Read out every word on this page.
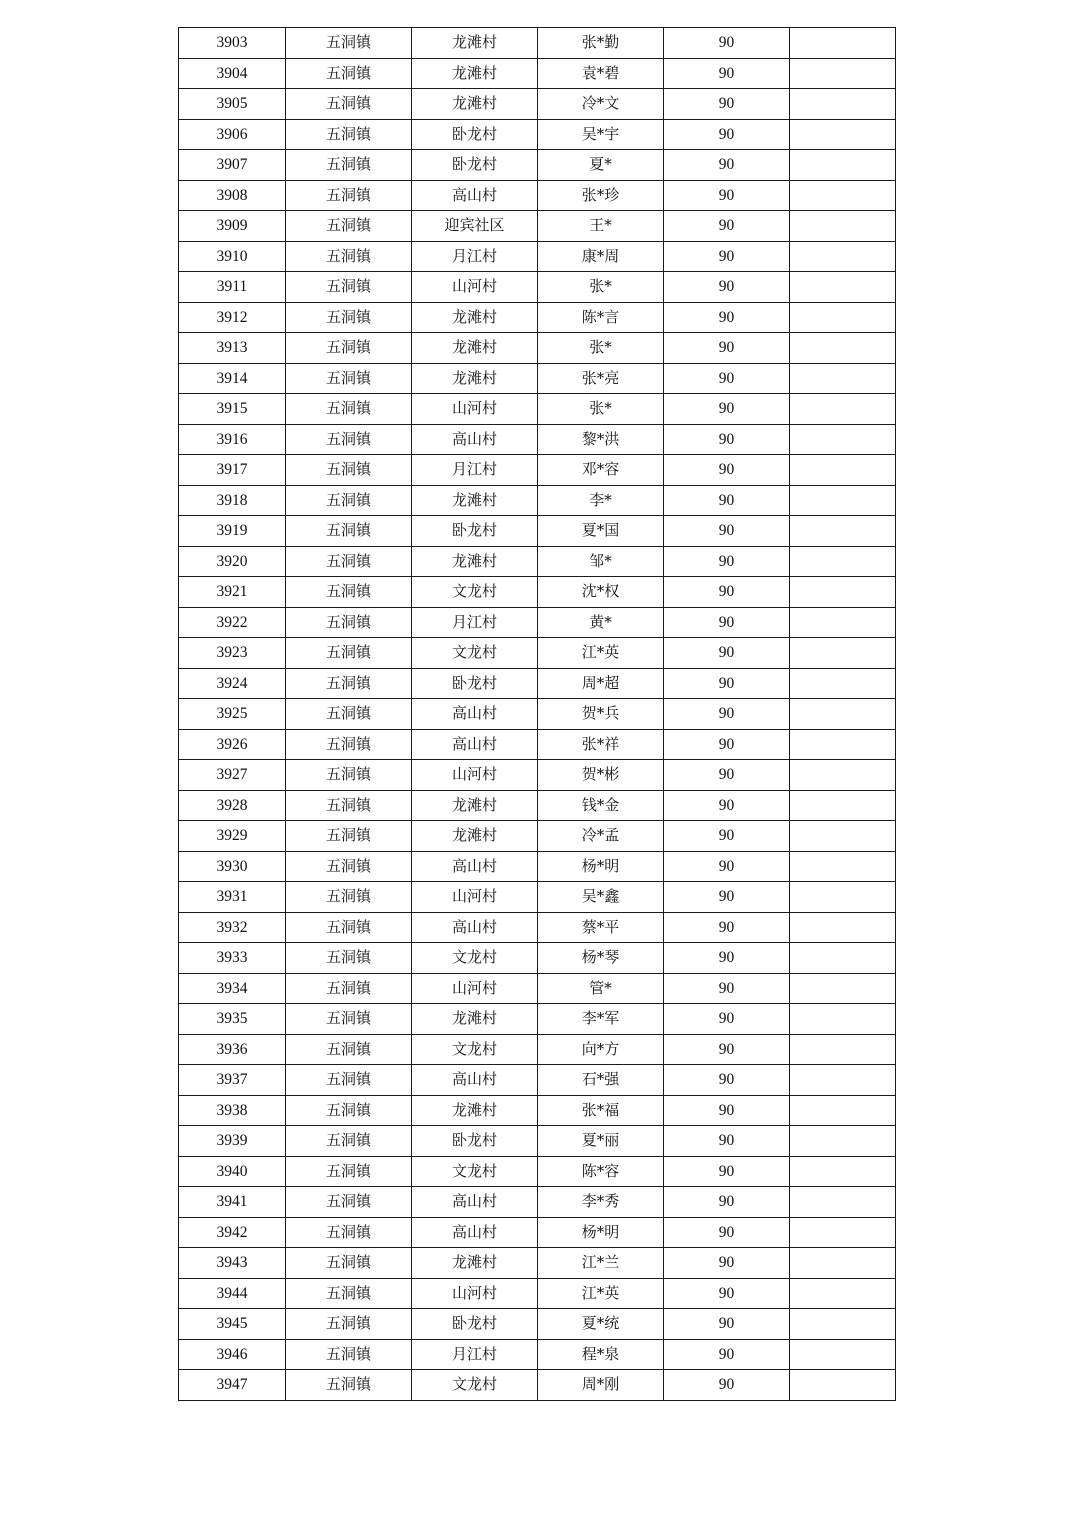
3903	五洞镇	龙滩村	张*勤	90	
3904	五洞镇	龙滩村	袁*碧	90	
3905	五洞镇	龙滩村	冷*文	90	
3906	五洞镇	卧龙村	吴*宇	90	
3907	五洞镇	卧龙村	夏*	90	
3908	五洞镇	高山村	张*珍	90	
3909	五洞镇	迎宾社区	王*	90	
3910	五洞镇	月江村	康*周	90	
3911	五洞镇	山河村	张*	90	
3912	五洞镇	龙滩村	陈*言	90	
3913	五洞镇	龙滩村	张*	90	
3914	五洞镇	龙滩村	张*亮	90	
3915	五洞镇	山河村	张*	90	
3916	五洞镇	高山村	黎*洪	90	
3917	五洞镇	月江村	邓*容	90	
3918	五洞镇	龙滩村	李*	90	
3919	五洞镇	卧龙村	夏*国	90	
3920	五洞镇	龙滩村	邹*	90	
3921	五洞镇	文龙村	沈*权	90	
3922	五洞镇	月江村	黄*	90	
3923	五洞镇	文龙村	江*英	90	
3924	五洞镇	卧龙村	周*超	90	
3925	五洞镇	高山村	贺*兵	90	
3926	五洞镇	高山村	张*祥	90	
3927	五洞镇	山河村	贺*彬	90	
3928	五洞镇	龙滩村	钱*金	90	
3929	五洞镇	龙滩村	冷*孟	90	
3930	五洞镇	高山村	杨*明	90	
3931	五洞镇	山河村	吴*鑫	90	
3932	五洞镇	高山村	蔡*平	90	
3933	五洞镇	文龙村	杨*琴	90	
3934	五洞镇	山河村	管*	90	
3935	五洞镇	龙滩村	李*军	90	
3936	五洞镇	文龙村	向*方	90	
3937	五洞镇	高山村	石*强	90	
3938	五洞镇	龙滩村	张*福	90	
3939	五洞镇	卧龙村	夏*丽	90	
3940	五洞镇	文龙村	陈*容	90	
3941	五洞镇	高山村	李*秀	90	
3942	五洞镇	高山村	杨*明	90	
3943	五洞镇	龙滩村	江*兰	90	
3944	五洞镇	山河村	江*英	90	
3945	五洞镇	卧龙村	夏*统	90	
3946	五洞镇	月江村	程*泉	90	
3947	五洞镇	文龙村	周*刚	90	
